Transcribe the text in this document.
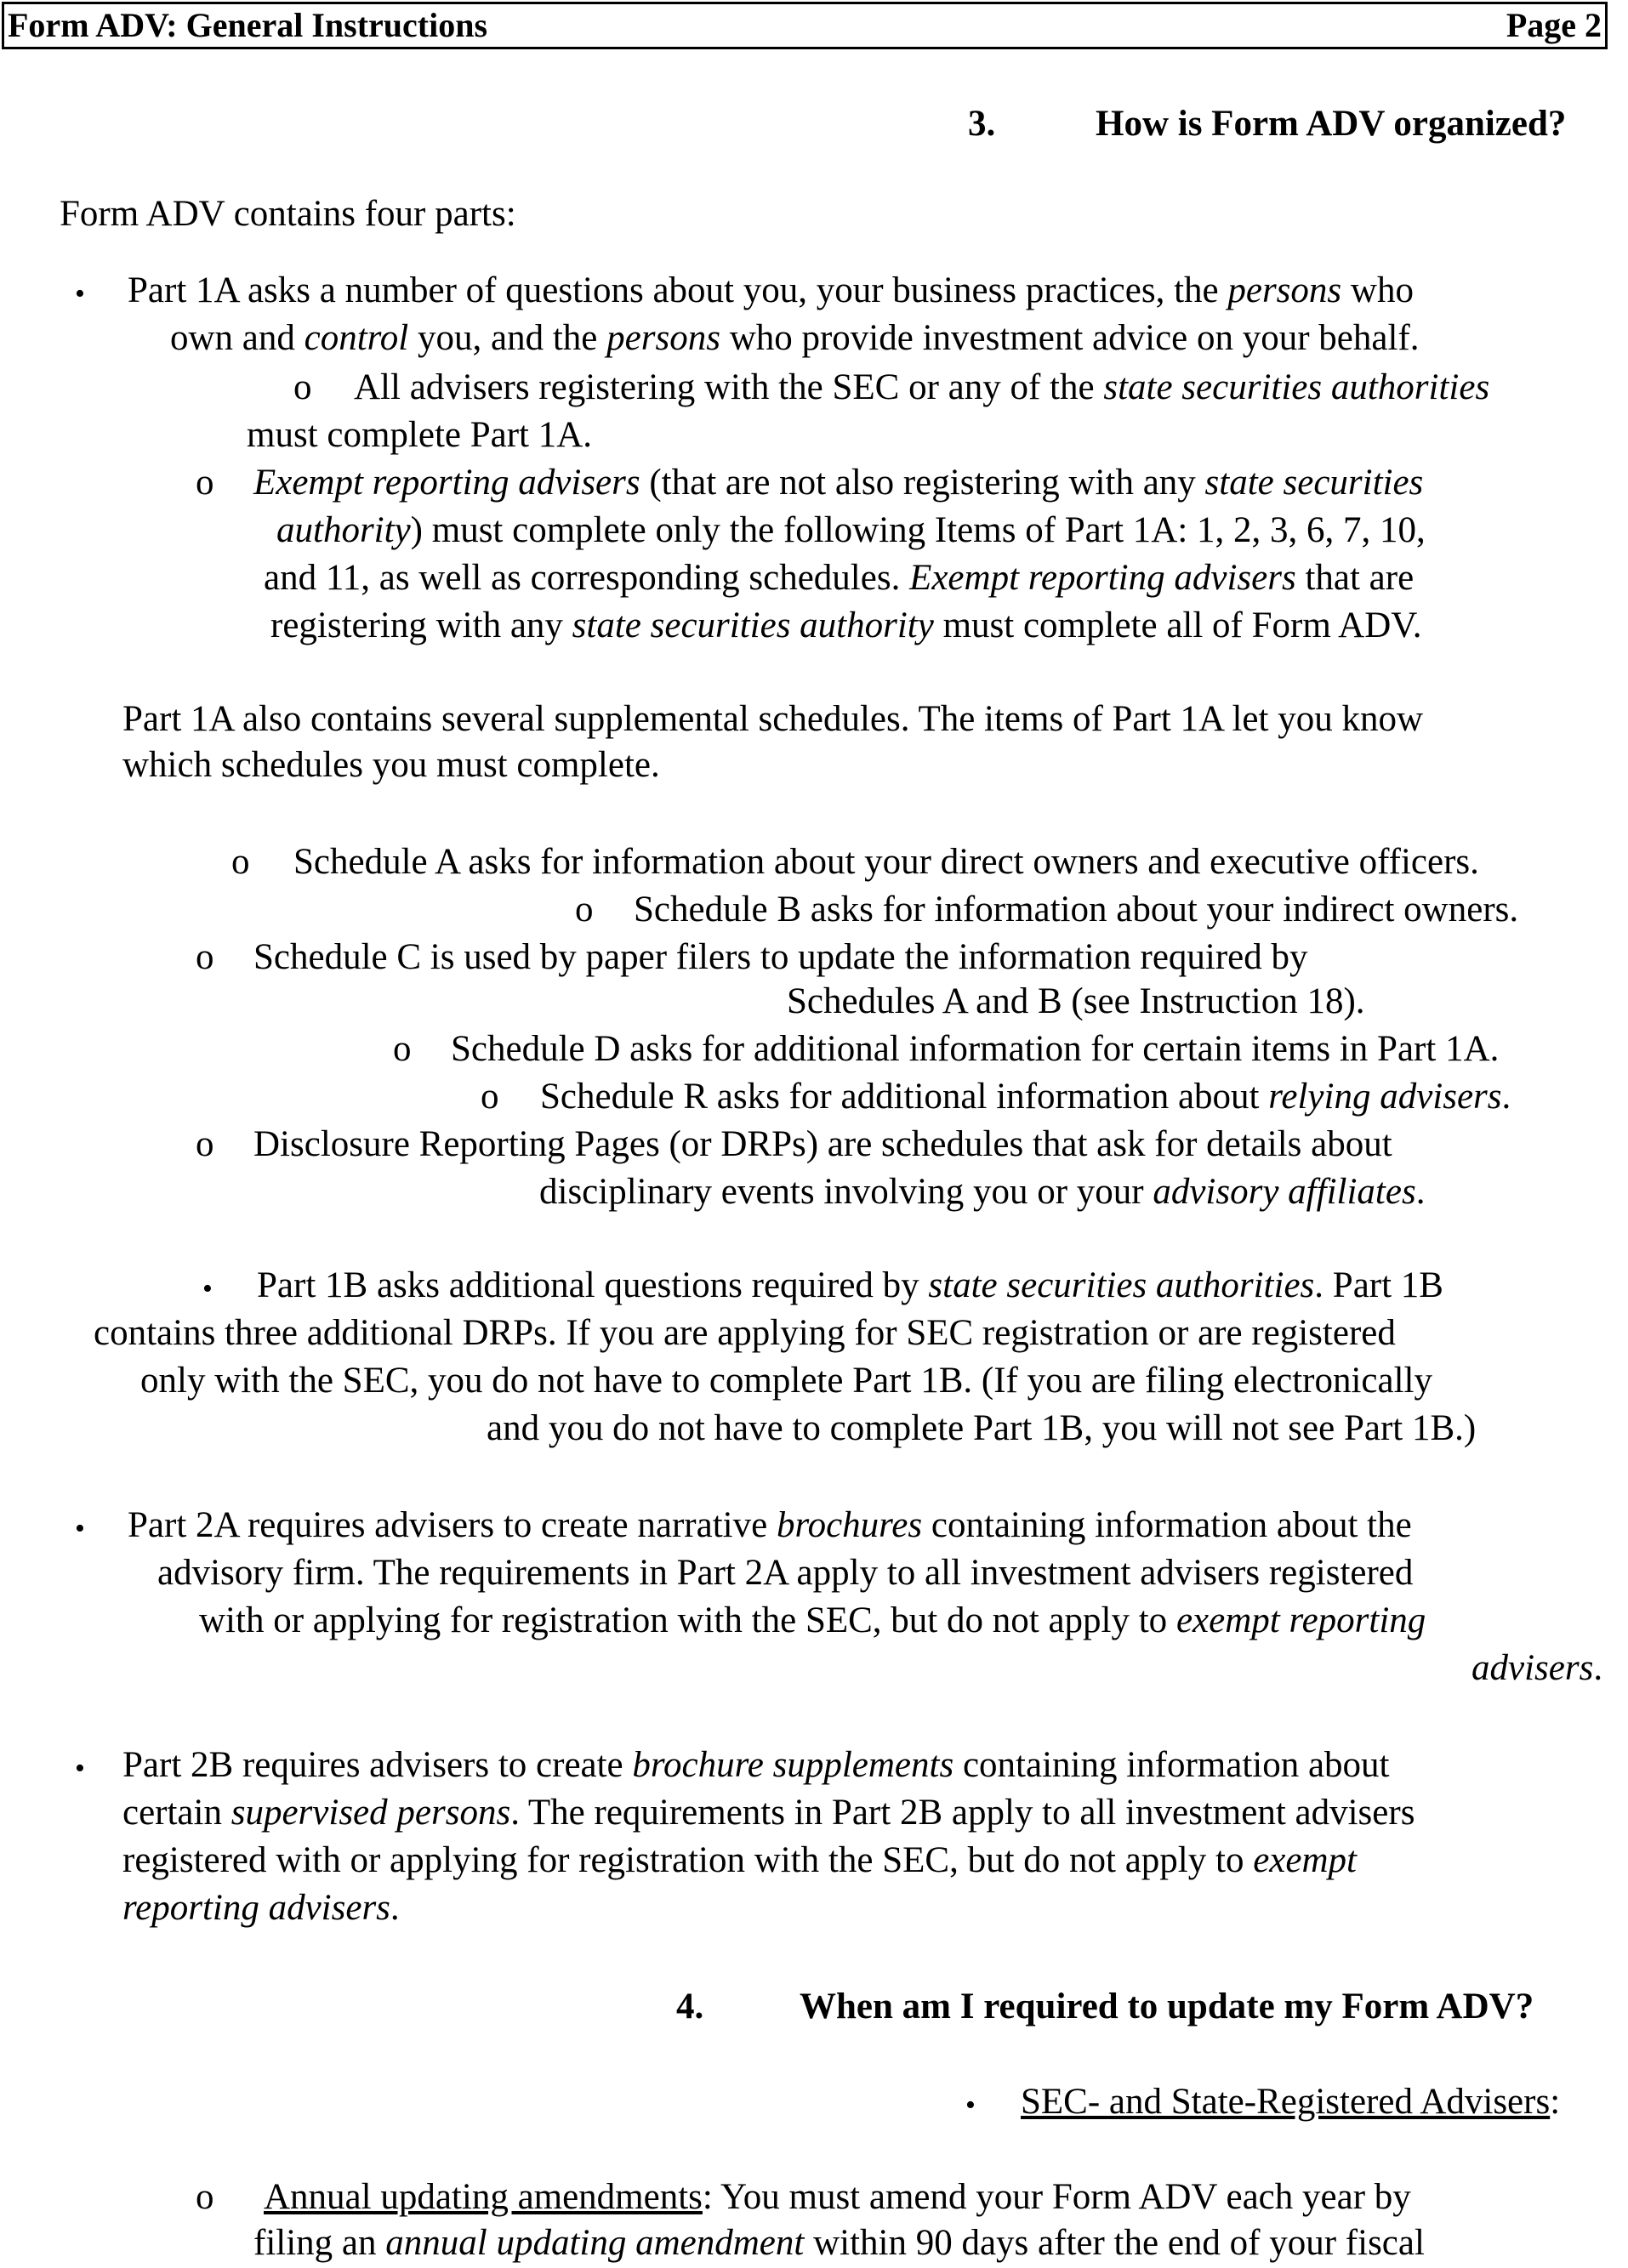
Form ADV: General Instructions	Page 2
3.	How is Form ADV organized?
Form ADV contains four parts:
• Part 1A asks a number of questions about you, your business practices, the persons who
own and control you, and the persons who provide investment advice on your behalf.
o All advisers registering with the SEC or any of the state securities authorities
must complete Part 1A.
o Exempt reporting advisers (that are not also registering with any state securities
authority) must complete only the following Items of Part 1A: 1, 2, 3, 6, 7, 10,
and 11, as well as corresponding schedules. Exempt reporting advisers that are
registering with any state securities authority must complete all of Form ADV.
Part 1A also contains several supplemental schedules. The items of Part 1A let you know
which schedules you must complete.
o Schedule A asks for information about your direct owners and executive officers.
o Schedule B asks for information about your indirect owners.
o Schedule C is used by paper filers to update the information required by
Schedules A and B (see Instruction 18).
o Schedule D asks for additional information for certain items in Part 1A.
o Schedule R asks for additional information about relying advisers.
o Disclosure Reporting Pages (or DRPs) are schedules that ask for details about
disciplinary events involving you or your advisory affiliates.
• Part 1B asks additional questions required by state securities authorities. Part 1B
contains three additional DRPs. If you are applying for SEC registration or are registered
only with the SEC, you do not have to complete Part 1B. (If you are filing electronically
and you do not have to complete Part 1B, you will not see Part 1B.)
• Part 2A requires advisers to create narrative brochures containing information about the
advisory firm. The requirements in Part 2A apply to all investment advisers registered
with or applying for registration with the SEC, but do not apply to exempt reporting
advisers.
• Part 2B requires advisers to create brochure supplements containing information about
certain supervised persons. The requirements in Part 2B apply to all investment advisers
registered with or applying for registration with the SEC, but do not apply to exempt
reporting advisers.
4.	When am I required to update my Form ADV?
• SEC- and State-Registered Advisers:
o Annual updating amendments: You must amend your Form ADV each year by
filing an annual updating amendment within 90 days after the end of your fiscal
